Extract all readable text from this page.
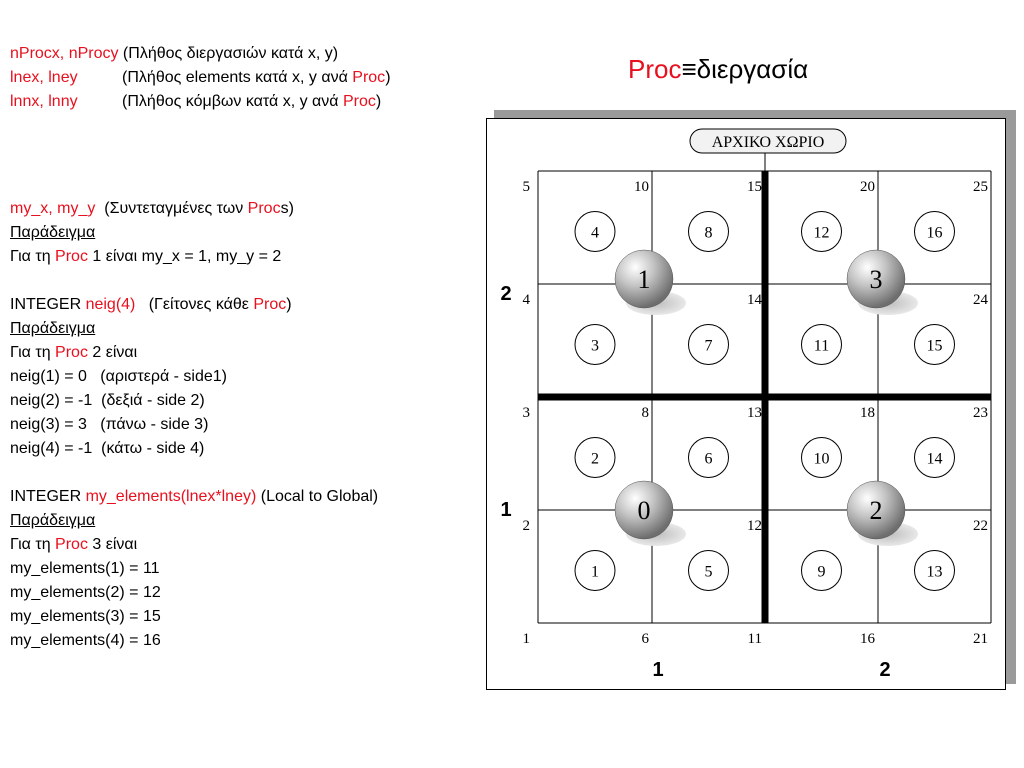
nProcx, nProcy (Πλήθος διεργασιών κατά x, y)
lnex, lney          (Πλήθος elements κατά x, y ανά Proc)
lnnx, lnny          (Πλήθος κόμβων κατά x, y ανά Proc)
my_x, my_y  (Συντεταγμένες των Procs)
Παράδειγμα
Για τη Proc 1 είναι my_x = 1, my_y = 2
INTEGER neig(4)   (Γείτονες κάθε Proc)
Παράδειγμα
Για τη Proc 2 είναι
neig(1) = 0   (αριστερά - side1)
neig(2) = -1  (δεξιά - side 2)
neig(3) = 3   (πάνω - side 3)
neig(4) = -1  (κάτω - side 4)
INTEGER my_elements(lnex*lney) (Local to Global)
Παράδειγμα
Για τη Proc 3 είναι
my_elements(1) = 11
my_elements(2) = 12
my_elements(3) = 15
my_elements(4) = 16
Proc≡διεργασία
ΑΡΧΙΚΟ ΧΩΡΙΟ
1
2
3
4
5
6
8
10
11
12
13
14
15
16
18
20
21
22
23
24
25
1
2
3
4
5
6
7
8
9
10
11
12
13
14
15
16
0
1
2
3
1	2
1
2
